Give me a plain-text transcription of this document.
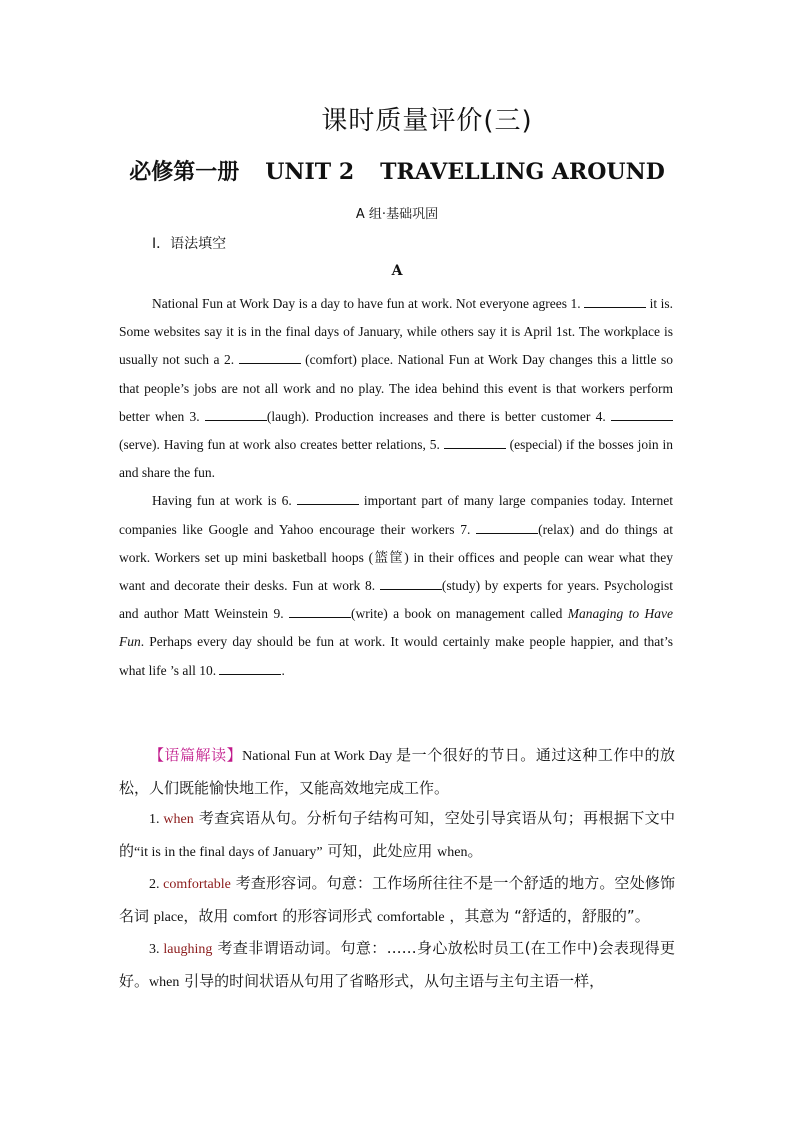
课时质量评价(三)
必修第一册 UNIT 2 TRAVELLING AROUND
A 组·基础巩固
Ⅰ．语法填空
A

National Fun at Work Day is a day to have fun at work. Not everyone agrees 1.	it is. Some websites say it is in the final days of January, while others say it is April 1st. The workplace is usually not such a 2.	(comfort) place. National Fun at Work Day changes this a little so that people’s jobs are not all work and no play. The idea behind this event is that workers perform better when 3.	(laugh). Production increases and there is better customer 4.  (serve). Having fun at work also creates better relations, 5.	(especial) if the bosses join in and share the fun.

Having fun at work is 6.	important part of many large companies today. Internet companies like Google and Yahoo encourage their workers 7.	(relax) and do things at work. Workers set up mini basketball hoops (篮筐) in their offices and people can wear what they want and decorate their desks. Fun at work 8.	(study) by experts for years. Psychologist and author Matt Weinstein 9.	(write) a book on management called Managing to Have Fun. Perhaps every day should be fun at work. It would certainly make people happier, and that’s what life ’s all 10.	.

【语篇解读】National Fun at Work Day 是一个很好的节日。通过这种工作中的放松，人们既能愉快地工作，又能高效地完成工作。

1. when 考查宾语从句。分析句子结构可知，空处引导宾语从句；再根据下文中的“it is in the final days of January” 可知，此处应用 when。

2. comfortable 考查形容词。句意：工作场所往往不是一个舒适的地方。空处修饰名词 place，故用 comfort 的形容词形式 comfortable ，其意为 “舒适的，舒服的”。

3. laughing 考查非谓语动词。句意：……身心放松时员工(在工作中)会表现得更好。when 引导的时间状语从句用了省略形式，从句主语与主句主语一样，
